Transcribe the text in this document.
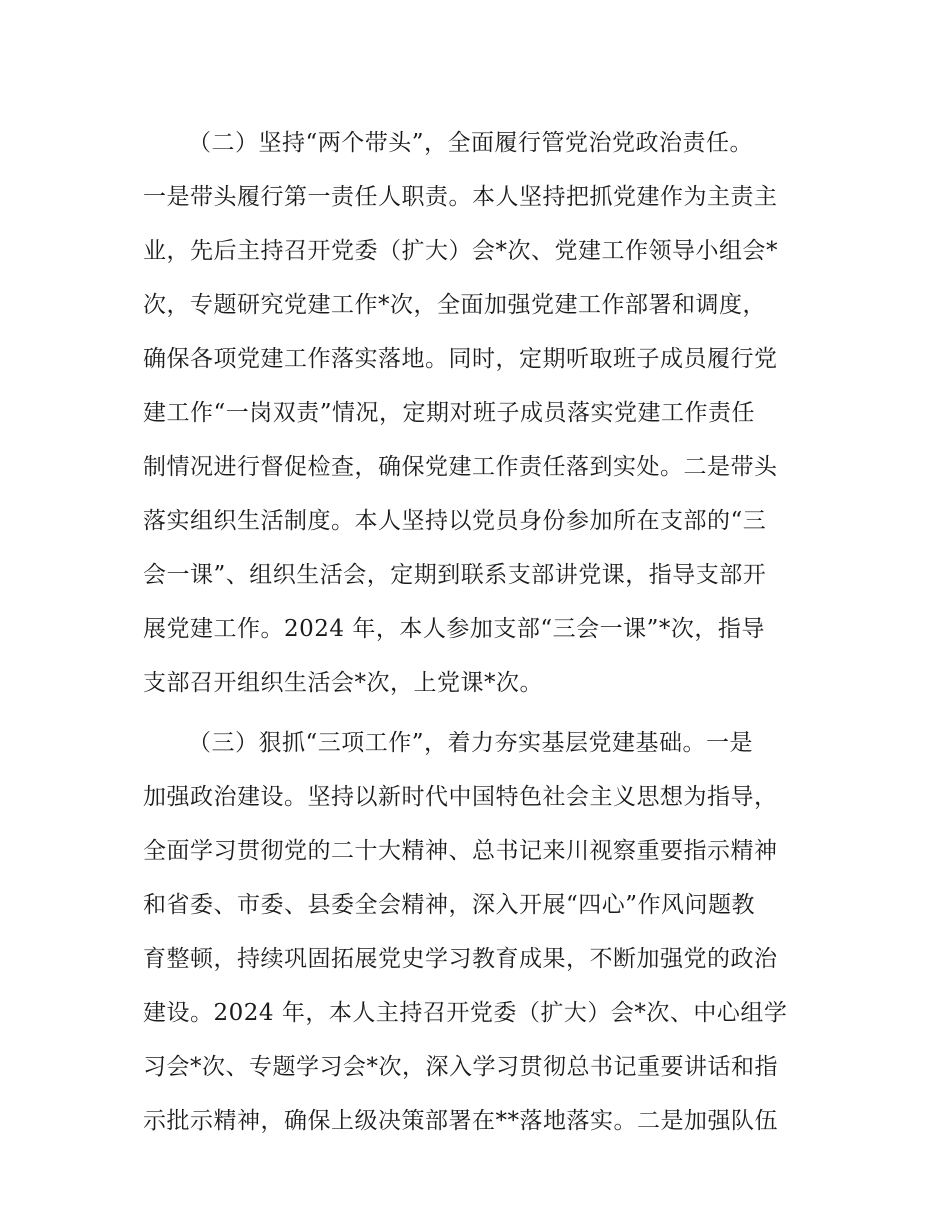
（二）坚持“两个带头”，全面履行管党治党政治责任。

一是带头履行第一责任人职责。本人坚持把抓党建作为主责主

业，先后主持召开党委（扩大）会*次、党建工作领导小组会*

次，专题研究党建工作*次，全面加强党建工作部署和调度，

确保各项党建工作落实落地。同时，定期听取班子成员履行党

建工作“一岗双责”情况，定期对班子成员落实党建工作责任

制情况进行督促检查，确保党建工作责任落到实处。二是带头

落实组织生活制度。本人坚持以党员身份参加所在支部的“三

会一课”、组织生活会，定期到联系支部讲党课，指导支部开

展党建工作。2024 年，本人参加支部“三会一课”*次，指导

支部召开组织生活会*次，上党课*次。

（三）狠抓“三项工作”，着力夯实基层党建基础。一是

加强政治建设。坚持以新时代中国特色社会主义思想为指导，

全面学习贯彻党的二十大精神、总书记来川视察重要指示精神

和省委、市委、县委全会精神，深入开展“四心”作风问题教

育整顿，持续巩固拓展党史学习教育成果，不断加强党的政治

建设。2024 年，本人主持召开党委（扩大）会*次、中心组学

习会*次、专题学习会*次，深入学习贯彻总书记重要讲话和指

示批示精神，确保上级决策部署在**落地落实。二是加强队伍
